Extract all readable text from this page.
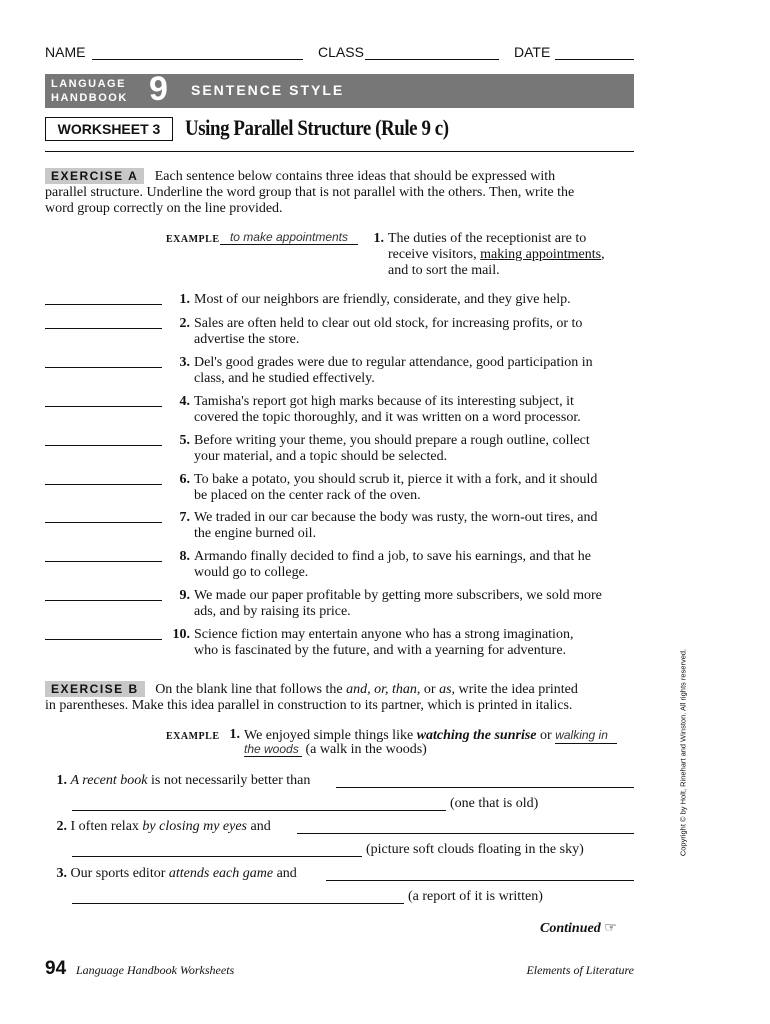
NAME	CLASS	DATE
LANGUAGE
HANDBOOK 9 SENTENCE STYLE
WORKSHEET 3	Using Parallel Structure (Rule 9 c)
EXERCISE A Each sentence below contains three ideas that should be expressed with
parallel structure. Underline the word group that is not parallel with the others. Then, write the
word group correctly on the line provided.
EXAMPLE to make appointments	1. The duties of the receptionist are to
receive visitors, making appointments,
and to sort the mail.
1. Most of our neighbors are friendly, considerate, and they give help.

2. Sales are often held to clear out old stock, for increasing profits, or to
advertise the store.
3. Del's good grades were due to regular attendance, good participation in
class, and he studied effectively.
4. Tamisha's report got high marks because of its interesting subject, it
covered the topic thoroughly, and it was written on a word processor.
5. Before writing your theme, you should prepare a rough outline, collect
your material, and a topic should be selected.
6. To bake a potato, you should scrub it, pierce it with a fork, and it should
be placed on the center rack of the oven.
7. We traded in our car because the body was rusty, the worn-out tires, and
the engine burned oil.
8. Armando finally decided to find a job, to save his earnings, and that he
would go to college.
9. We made our paper profitable by getting more subscribers, we sold more
ads, and by raising its price.
10. Science fiction may entertain anyone who has a strong imagination,
who is fascinated by the future, and with a yearning for adventure.
EXERCISE B On the blank line that follows the and, or, than, or as, write the idea printed
in parentheses. Make this idea parallel in construction to its partner, which is printed in italics.
EXAMPLE 1. We enjoyed simple things like watching the sunrise or walking in
the woods (a walk in the woods)
1. A recent book is not necessarily better than
(one that is old)
2. I often relax by closing my eyes and
(picture soft clouds floating in the sky)
3. Our sports editor attends each game and
(a report of it is written)
Continued ☞
94 Language Handbook Worksheets	Elements of Literature
Copyright © by Holt, Rinehart and Winston. All rights reserved.
